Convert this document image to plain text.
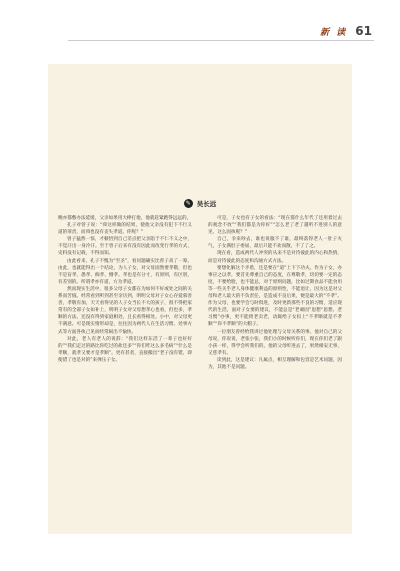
新 读 61
✎ 吴长远

晚亦都憋办法延缓，父亲如果用大棒打他，他就赶紧跑得远远的。

孔子对曾子说：“舜这样做的结果，使他父亲没有犯下不行义道的罪责，而舜也没有丧失孝道。你呢？”

曾子猛然一惊，才顿悟到自己差点把父亲陷于不仁不义之中，不觉汗出一身冷汗。至于曾子后来有没有因此而改变行孝的方式，史料没有记载，不得而知。

由此看来，孔子不愧为“至圣”，看问题确实比曾子高了一筹。由此，也就能得出一个结论，为人子女，对父母固然要孝敬，但也不是盲孝、愚孝、痴孝、懵孝。孝也是有分寸，有原则，有区别，有差别的。所谓孝亦有道，方为孝道。

然而现实生活中，很多父母子女都在为如何不好或处之间的关系而苦恼。经常看到听到甚至亲历到，明明父母对子女心存爱慕善善，孝敬有加，天天看得见的人子女当长不大的孩子，很不得把家常有的全部子女如补上，明明子女对父母想孝心也看，但也多，孝顺的方法，还没有得到家庭相处，且长看得相处。小中，对父母更不满意。可是现实情形却是，往往因为两代人在生活习惯、处事方式等方面各执己见而经常闹出不愉快。

对此，老人有老人的说辞：“我们这样东活了一辈子也好好的”“我们走过的路比你吃过的盐还多”“你们咋这么多毛病”“什么是孝顺，就孝又要才是孝顺”。更有甚者，直接搬出“老子没有错，即使错了也是对的”来弹压子女。

可是，子女也有子女的看法：“现在都什么年代了还用着过去的观念不放”“我们都是为你好”“怎么老了老了越听不进别人的意见，这么固执呢？”

自己，争来吵去，谁也说服不了谁，最终落得老人一肚子火气，子女满肚子委屈，最后只能不欢而散，不了了之。

现在看，造成两代人冲突的从来不是对待彼此的内心和热情，而是对待彼此的态度和沟通方式方法。

要想化解这个矛盾，还是要在“道”上下下功夫。作为子女，办事应之以孝，要首先尊重自己的态度，在尊敬孝，切切要一定的态度，不要给脸，也不能总，对于原则问题，比如过期食品不能食用等一些关乎老人身体健康利益的原则性，不能退让，因为这是对父母和老人最大的不负责任，是造成不良后果，便是最大的“不孝”。作为父母，也要学会与时俱进，及时更新那些不良的习惯，适应现代的生活，面对子女要的建议，不能总是“老顽固”思想“思想、老习惯”办事，更不能倚老卖老，动辄给子女扣上“不孝顺就是不孝顺”“你不孝顺”的大帽子。

一位朋友曾经给我讲过他处理与父母关系的事。他对自己的父母说，你说说，老张小张，我们小的时候听你们，现在你们老了跟小孩一样，得学会听我们的。他的父母听进去了，果然相安无事，又慈孝有。

读到此，这是建议：凡属点，相互理解和包容是艺术问题，因为，其他不是问题。
